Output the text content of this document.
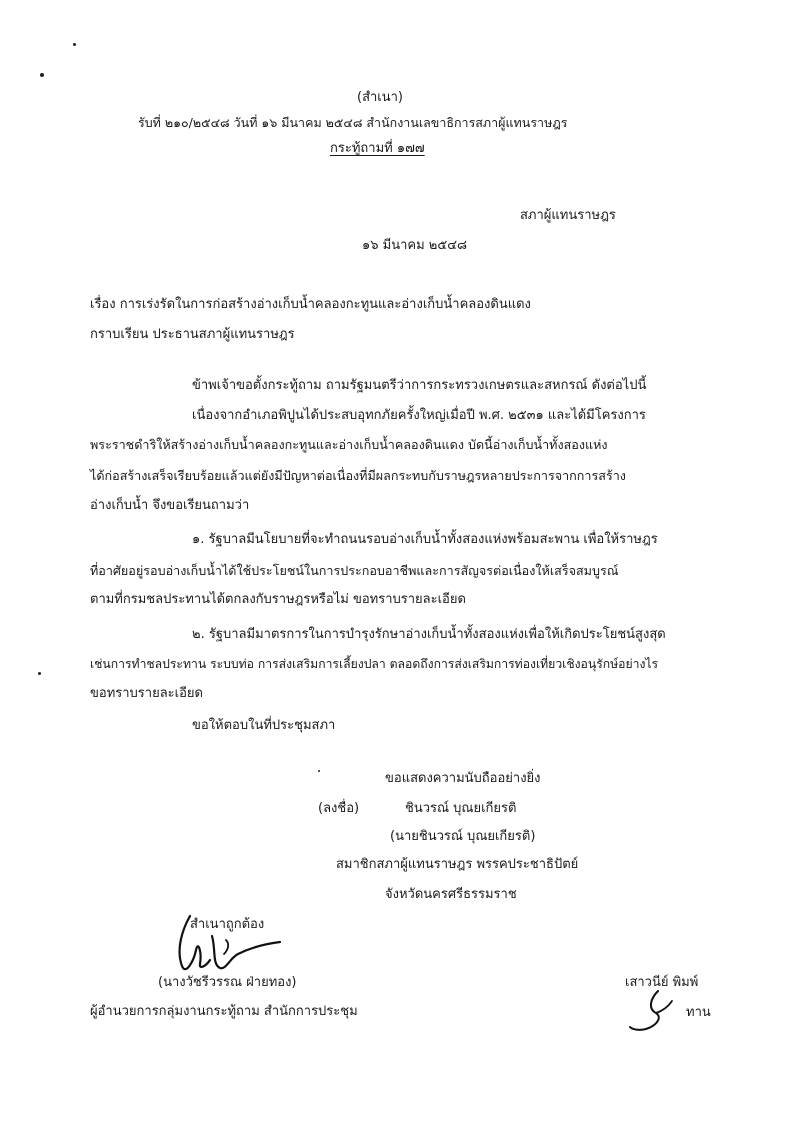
(สำเนา)
รับที่ ๒๑๐/๒๕๔๘ วันที่ ๑๖ มีนาคม ๒๕๔๘ สำนักงานเลขาธิการสภาผู้แทนราษฎร
กระทู้ถามที่ ๑๗๗
สภาผู้แทนราษฎร
๑๖ มีนาคม ๒๕๔๘
เรื่อง การเร่งรัดในการก่อสร้างอ่างเก็บน้ำคลองกะทูนและอ่างเก็บน้ำคลองดินแดง
กราบเรียน ประธานสภาผู้แทนราษฎร
ข้าพเจ้าขอตั้งกระทู้ถาม ถามรัฐมนตรีว่าการกระทรวงเกษตรและสหกรณ์ ดังต่อไปนี้
เนื่องจากอำเภอพิปูนได้ประสบอุทกภัยครั้งใหญ่เมื่อปี พ.ศ. ๒๕๓๑ และได้มีโครงการ
พระราชดำริให้สร้างอ่างเก็บน้ำคลองกะทูนและอ่างเก็บน้ำคลองดินแดง บัดนี้อ่างเก็บน้ำทั้งสองแห่ง
ได้ก่อสร้างเสร็จเรียบร้อยแล้วแต่ยังมีปัญหาต่อเนื่องที่มีผลกระทบกับราษฎรหลายประการจากการสร้าง
อ่างเก็บน้ำ จึงขอเรียนถามว่า
๑. รัฐบาลมีนโยบายที่จะทำถนนรอบอ่างเก็บน้ำทั้งสองแห่งพร้อมสะพาน เพื่อให้ราษฎร
ที่อาศัยอยู่รอบอ่างเก็บน้ำได้ใช้ประโยชน์ในการประกอบอาชีพและการสัญจรต่อเนื่องให้เสร็จสมบูรณ์
ตามที่กรมชลประทานได้ตกลงกับราษฎรหรือไม่ ขอทราบรายละเอียด
๒. รัฐบาลมีมาตรการในการบำรุงรักษาอ่างเก็บน้ำทั้งสองแห่งเพื่อให้เกิดประโยชน์สูงสุด
เช่นการทำชลประทาน ระบบท่อ การส่งเสริมการเลี้ยงปลา ตลอดถึงการส่งเสริมการท่องเที่ยวเชิงอนุรักษ์อย่างไร
ขอทราบรายละเอียด
ขอให้ตอบในที่ประชุมสภา
ขอแสดงความนับถืออย่างยิ่ง
(ลงชื่อ)	ชินวรณ์ บุณยเกียรติ
(นายชินวรณ์ บุณยเกียรติ)
สมาชิกสภาผู้แทนราษฎร พรรคประชาธิปัตย์
จังหวัดนครศรีธรรมราช
สำเนาถูกต้อง
(นางวัชรีวรรณ ฝ่ายทอง)
ผู้อำนวยการกลุ่มงานกระทู้ถาม สำนักการประชุม
เสาวนีย์ พิมพ์
ทาน
